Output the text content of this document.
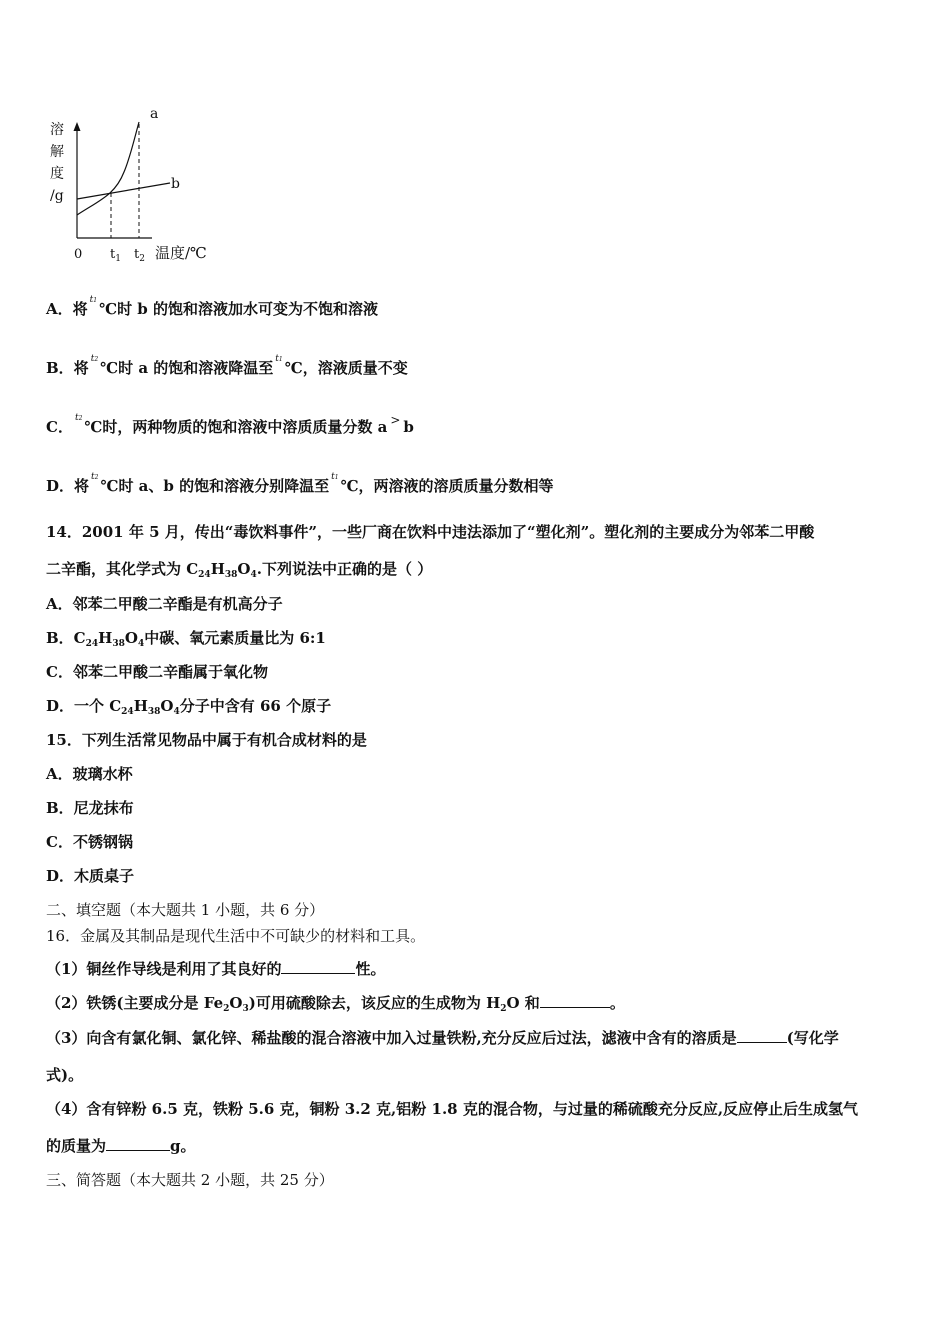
溶
解
度
/g
a
b
0 $t_1$ $t_2$ 温度/℃
A．将 $^{t1}$ ℃时 b 的饱和溶液加水可变为不饱和溶液
B．将 $^{t2}$ ℃时 a 的饱和溶液降温至 $^{t1}$ ℃，溶液质量不变
C． $^{t2}$ ℃时，两种物质的饱和溶液中溶质质量分数 a > b
D．将 $^{t2}$ ℃时 a、b 的饱和溶液分别降温至 $^{t1}$ ℃，两溶液的溶质质量分数相等
14．2001 年 5 月，传出“毒饮料事件”，一些厂商在饮料中违法添加了“塑化剂”。塑化剂的主要成分为邻苯二甲酸
二辛酯，其化学式为 $C_{24}H_{38}O_4$.下列说法中正确的是（ ）
A．邻苯二甲酸二辛酯是有机高分子
B．$C_{24}H_{38}O_4$中碳、氧元素质量比为 6:1
C．邻苯二甲酸二辛酯属于氧化物
D．一个 $C_{24}H_{38}O_4$分子中含有 66 个原子
15．下列生活常见物品中属于有机合成材料的是
A．玻璃水杯
B．尼龙抹布
C．不锈钢锅
D．木质桌子
二、填空题（本大题共 1 小题，共 6 分）
16．金属及其制品是现代生活中不可缺少的材料和工具。
（1）铜丝作导线是利用了其良好的	性。
（2）铁锈(主要成分是 $Fe_2O_3$)可用硫酸除去，该反应的生成物为 $H_2O$ 和	。
（3）向含有氯化铜、氯化锌、稀盐酸的混合溶液中加入过量铁粉,充分反应后过法，滤液中含有的溶质是	(写化学
式)。
（4）含有锌粉 6.5 克，铁粉 5.6 克，铜粉 3.2 克,铝粉 1.8 克的混合物，与过量的稀硫酸充分反应,反应停止后生成氢气
的质量为	g。
三、简答题（本大题共 2 小题，共 25 分）
